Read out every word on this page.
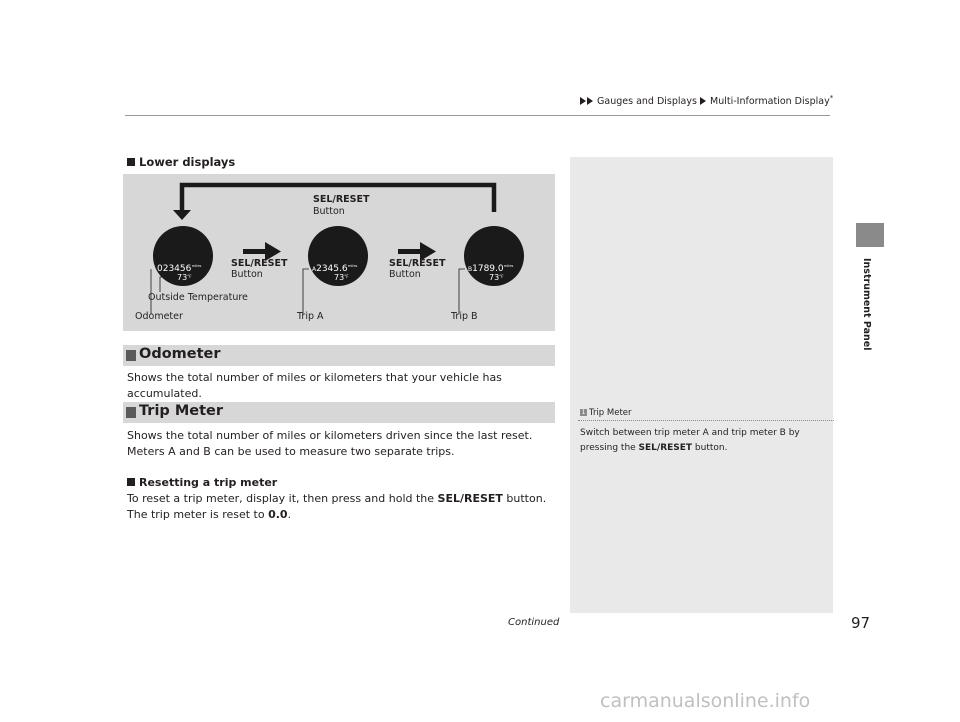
Gauges and Displays Multi-Information Display*
Instrument Panel
1 Trip Meter
Switch between trip meter A and trip meter B by pressing the SEL/RESET button.
Lower displays
023456 miles
$73^{^\circ F}$
A2345.6 miles
$73^{^\circ F}$
B1789.0 miles
$73^{^\circ F}$
SEL/RESET
Button
SEL/RESET
Button
SEL/RESET
Button
Outside Temperature
Odometer	Trip A	Trip B
Odometer
Shows the total number of miles or kilometers that your vehicle has accumulated.
Trip Meter
Shows the total number of miles or kilometers driven since the last reset. Meters A and B can be used to measure two separate trips.
Resetting a trip meter
To reset a trip meter, display it, then press and hold the SEL/RESET button. The trip meter is reset to 0.0.
Continued	97
carmanualsonline.info
